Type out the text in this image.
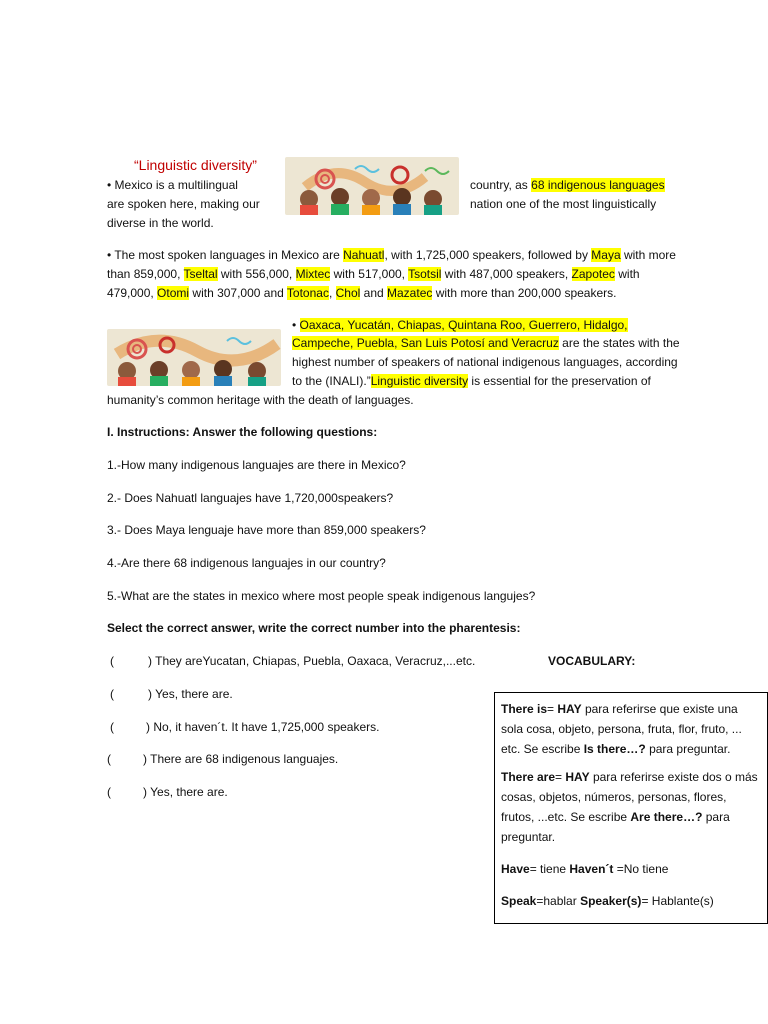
“Linguistic diversity”
• Mexico is a multilingual	country, as 68 indigenous languages
are spoken here, making our	nation one of the most linguistically
diverse in the world.
• The most spoken languages in Mexico are Nahuatl, with 1,725,000 speakers, followed by Maya with more
than 859,000, Tseltal with 556,000, Mixtec with 517,000, Tsotsil with 487,000 speakers, Zapotec with
479,000, Otomi with 307,000 and Totonac, Chol and Mazatec with more than 200,000 speakers.
• Oaxaca, Yucatán, Chiapas, Quintana Roo, Guerrero, Hidalgo,
Campeche, Puebla, San Luis Potosí and Veracruz are the states with the
highest number of speakers of national indigenous languages, according
to the (INALI).”Linguistic diversity is essential for the preservation of
humanity’s common heritage with the death of languages.
I. Instructions: Answer the following questions:
1.-How many indigenous languajes are there in Mexico?
2.- Does Nahuatl languajes have 1,720,000speakers?
3.- Does Maya lenguaje have more than 859,000 speakers?
4.-Are there 68 indigenous languajes in our country?
5.-What are the states in mexico where most people speak indigenous langujes?
Select the correct answer, write the correct number into the pharentesis:
(	) They areYucatan, Chiapas, Puebla, Oaxaca, Veracruz,...etc.
(	) Yes, there are.
(	) No, it haven´t. It have 1,725,000 speakers.
(	) There are 68 indigenous languajes.
(	) Yes, there are.
VOCABULARY:

There is= HAY para referirse que existe una sola cosa, objeto, persona, fruta, flor, fruto, ... etc. Se escribe Is there…? para preguntar.

There are= HAY para referirse existe dos o más cosas, objetos, números, personas, flores, frutos, ...etc. Se escribe Are there…? para preguntar.

Have= tiene Haven´t =No tiene

Speak=hablar Speaker(s)= Hablante(s)
